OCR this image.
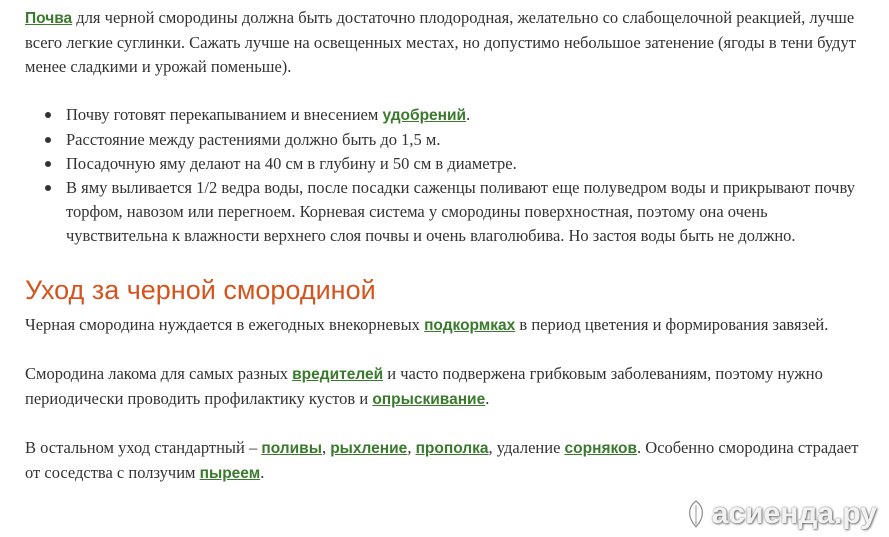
Почва для черной смородины должна быть достаточно плодородная, желательно со слабощелочной реакцией, лучше всего легкие суглинки. Сажать лучше на освещенных местах, но допустимо небольшое затенение (ягоды в тени будут менее сладкими и урожай поменьше).

Почву готовят перекапыванием и внесением удобрений.
Расстояние между растениями должно быть до 1,5 м.
Посадочную яму делают на 40 см в глубину и 50 см в диаметре.
В яму выливается 1/2 ведра воды, после посадки саженцы поливают еще полуведром воды и прикрывают почву торфом, навозом или перегноем. Корневая система у смородины поверхностная, поэтому она очень чувствительна к влажности верхнего слоя почвы и очень влаголюбива. Но застоя воды быть не должно.
Уход за черной смородиной

Черная смородина нуждается в ежегодных внекорневых подкормках в период цветения и формирования завязей.

Смородина лакома для самых разных вредителей и часто подвержена грибковым заболеваниям, поэтому нужно периодически проводить профилактику кустов и опрыскивание.

В остальном уход стандартный – поливы, рыхление, прополка, удаление сорняков. Особенно смородина страдает от соседства с ползучим пыреем.

асиенда.ру
